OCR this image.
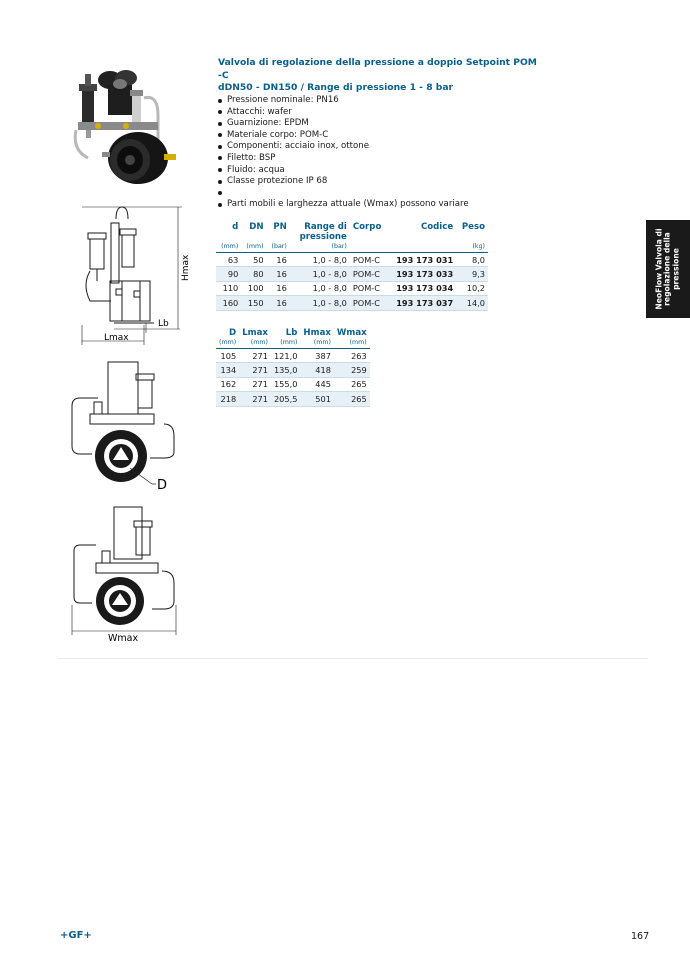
Hmax
Lb
Lmax
D
Wmax
Valvola di regolazione della pressione a doppio Setpoint POM -C
dDN50 - DN150 / Range di pressione 1 - 8 bar
Pressione nominale: PN16
Attacchi: wafer
Guarnizione: EPDM
Materiale corpo: POM-C
Componenti: acciaio inox, ottone
Filetto: BSP
Fluido: acqua
Classe protezione IP 68
Parti mobili e larghezza attuale (Wmax) possono variare
d	DN	PN	Range di pressione	Corpo	Codice	Peso
(mm)	(mm)	(bar)	(bar)			(kg)
63	50	16	1,0 - 8,0	POM-C	193 173 031	8,0
90	80	16	1,0 - 8,0	POM-C	193 173 033	9,3
110	100	16	1,0 - 8,0	POM-C	193 173 034	10,2
160	150	16	1,0 - 8,0	POM-C	193 173 037	14,0
D	Lmax	Lb	Hmax	Wmax
(mm)	(mm)	(mm)	(mm)	(mm)
105	271	121,0	387	263
134	271	135,0	418	259
162	271	155,0	445	265
218	271	205,5	501	265
NeoFlow Valvola di regolazione della pressione
+GF+	167
